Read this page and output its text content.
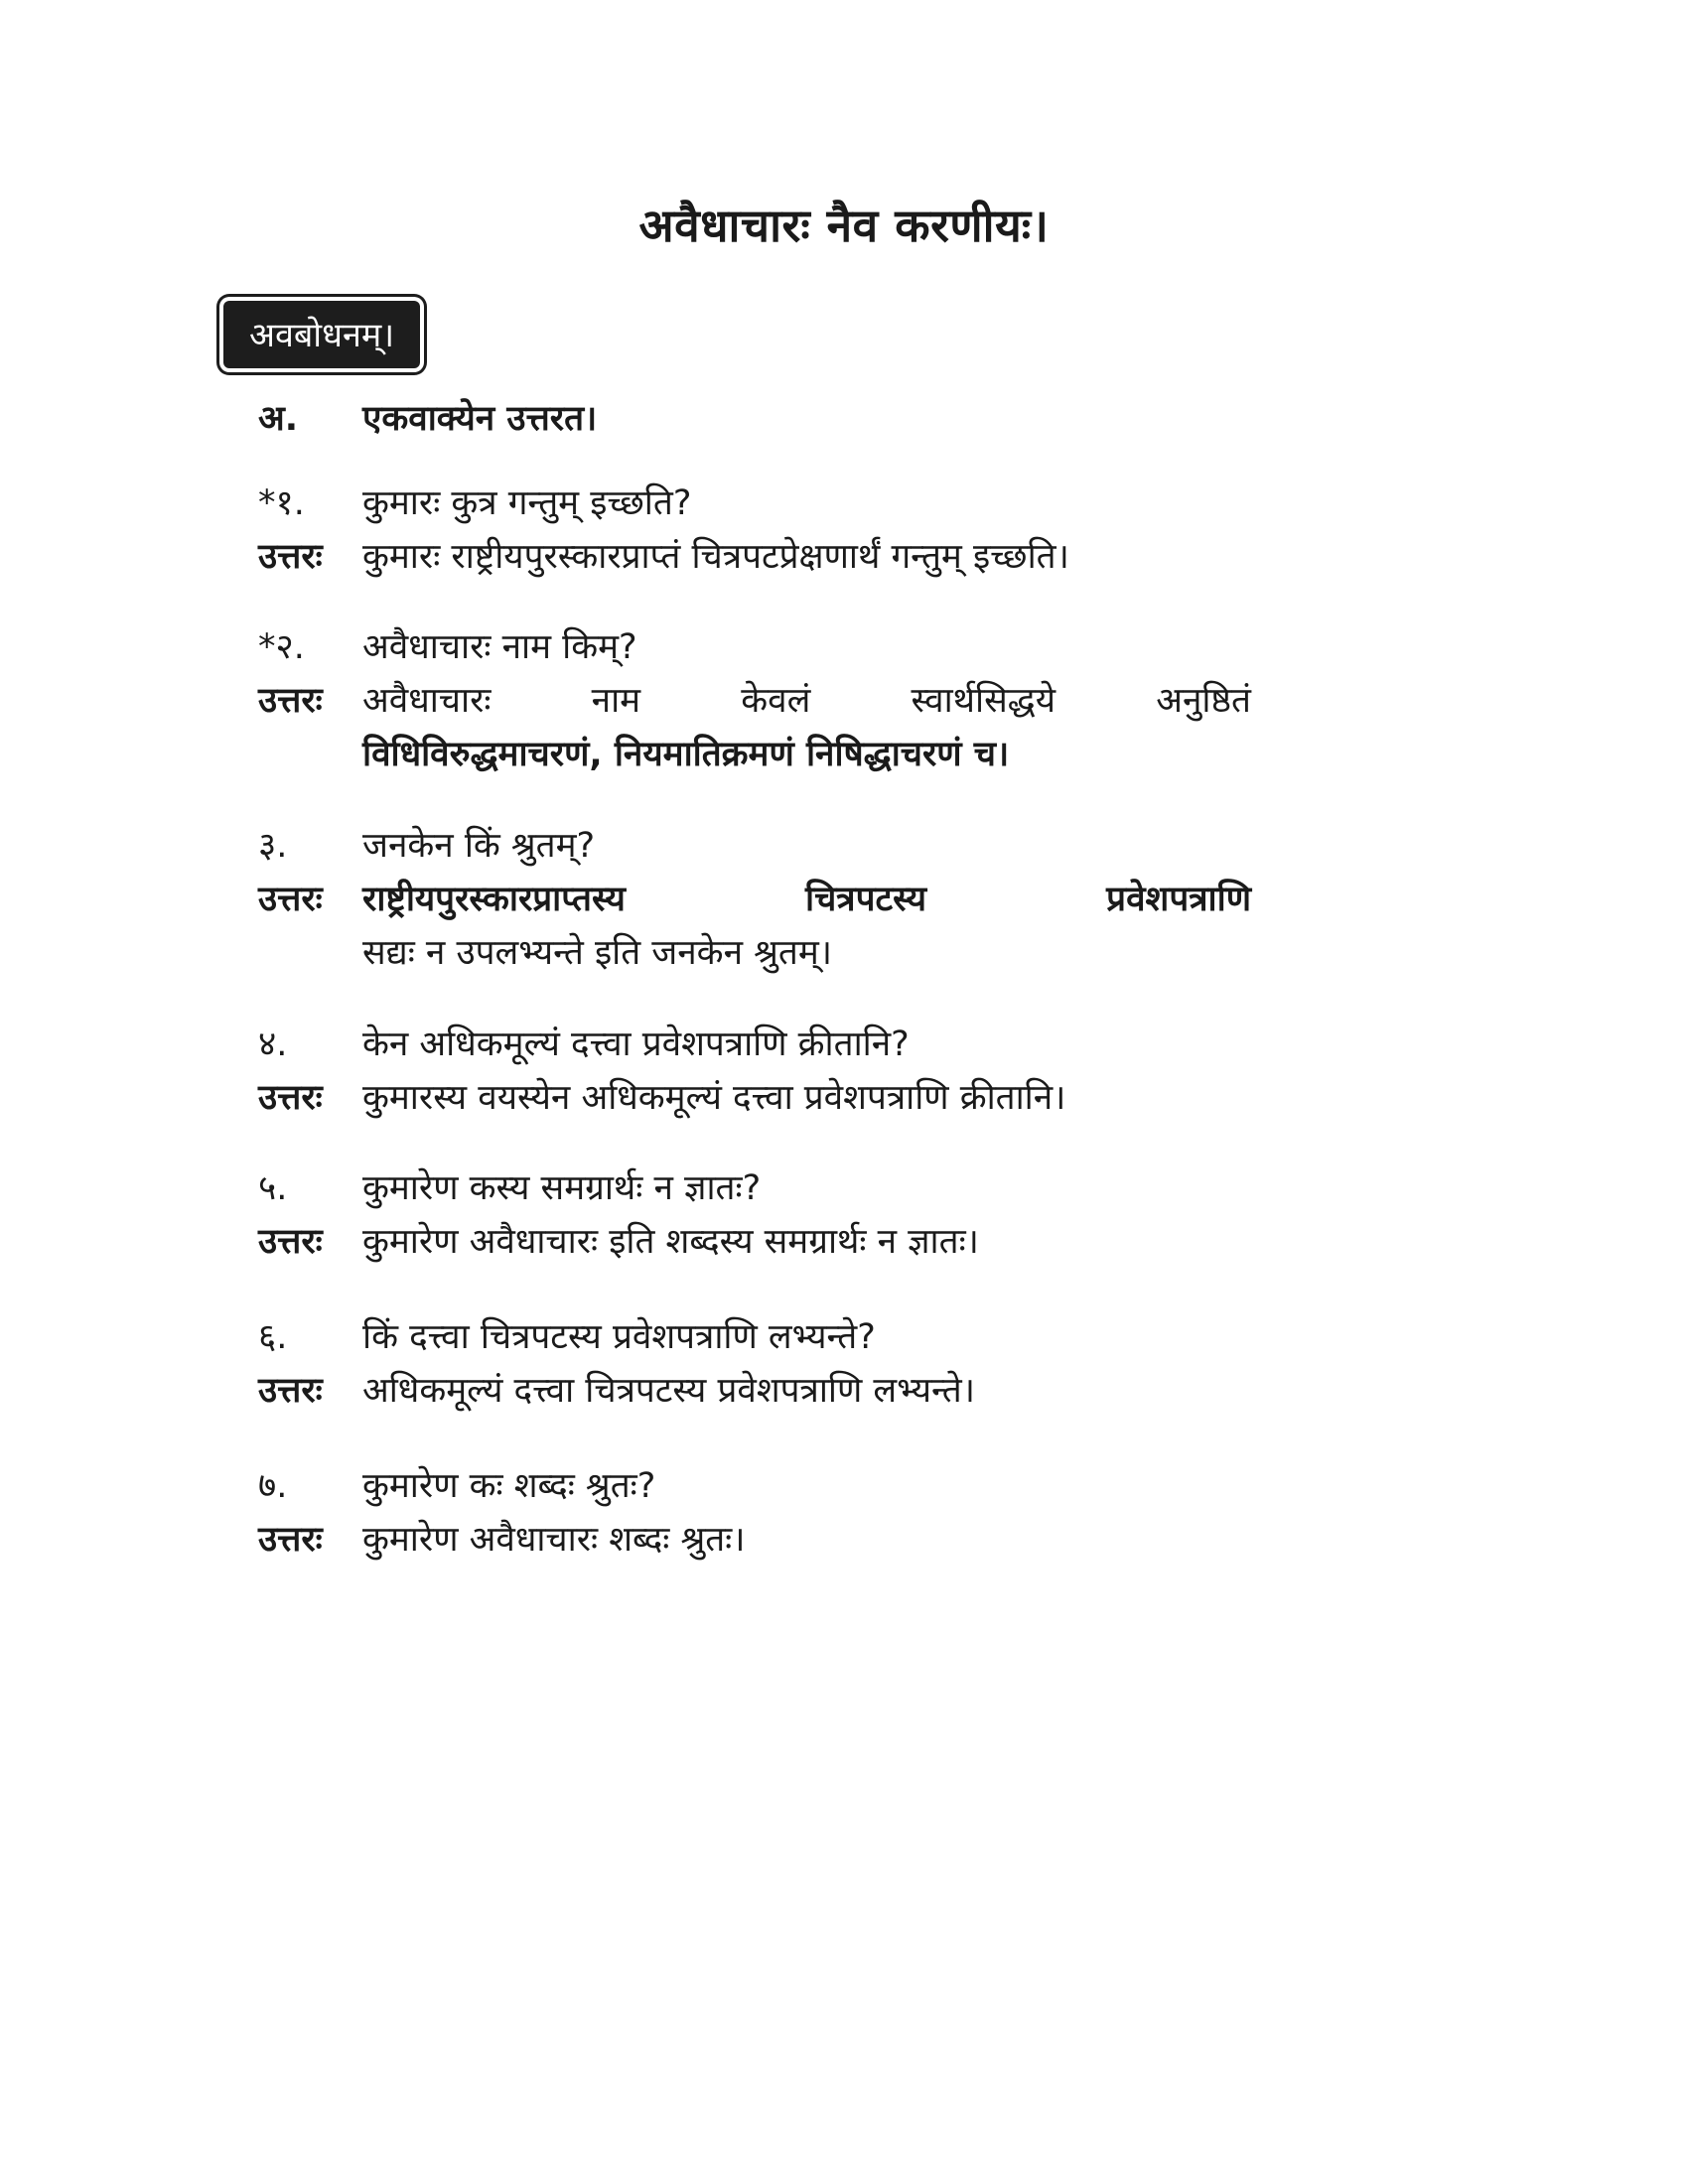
अवैधाचारः नैव करणीयः।
अवबोधनम्।
अ.	एकवाक्येन उत्तरत।
*१.	कुमारः कुत्र गन्तुम् इच्छति?
उत्तरः	कुमारः राष्ट्रीयपुरस्कारप्राप्तं चित्रपटप्रेक्षणार्थं गन्तुम् इच्छति।
*२.	अवैधाचारः नाम किम्?
उत्तरः	अवैधाचारः नाम केवलं स्वार्थसिद्धये अनुष्ठितं
विधिविरुद्धमाचरणं, नियमातिक्रमणं निषिद्धाचरणं च।
३.	जनकेन किं श्रुतम्?
उत्तरः	राष्ट्रीयपुरस्कारप्राप्तस्य चित्रपटस्य प्रवेशपत्राणि
सद्यः न उपलभ्यन्ते इति जनकेन श्रुतम्।
४.	केन अधिकमूल्यं दत्त्वा प्रवेशपत्राणि क्रीतानि?
उत्तरः	कुमारस्य वयस्येन अधिकमूल्यं दत्त्वा प्रवेशपत्राणि क्रीतानि।
५.	कुमारेण कस्य समग्रार्थः न ज्ञातः?
उत्तरः	कुमारेण अवैधाचारः इति शब्दस्य समग्रार्थः न ज्ञातः।
६.	किं दत्त्वा चित्रपटस्य प्रवेशपत्राणि लभ्यन्ते?
उत्तरः	अधिकमूल्यं दत्त्वा चित्रपटस्य प्रवेशपत्राणि लभ्यन्ते।
७.	कुमारेण कः शब्दः श्रुतः?
उत्तरः	कुमारेण अवैधाचारः शब्दः श्रुतः।
